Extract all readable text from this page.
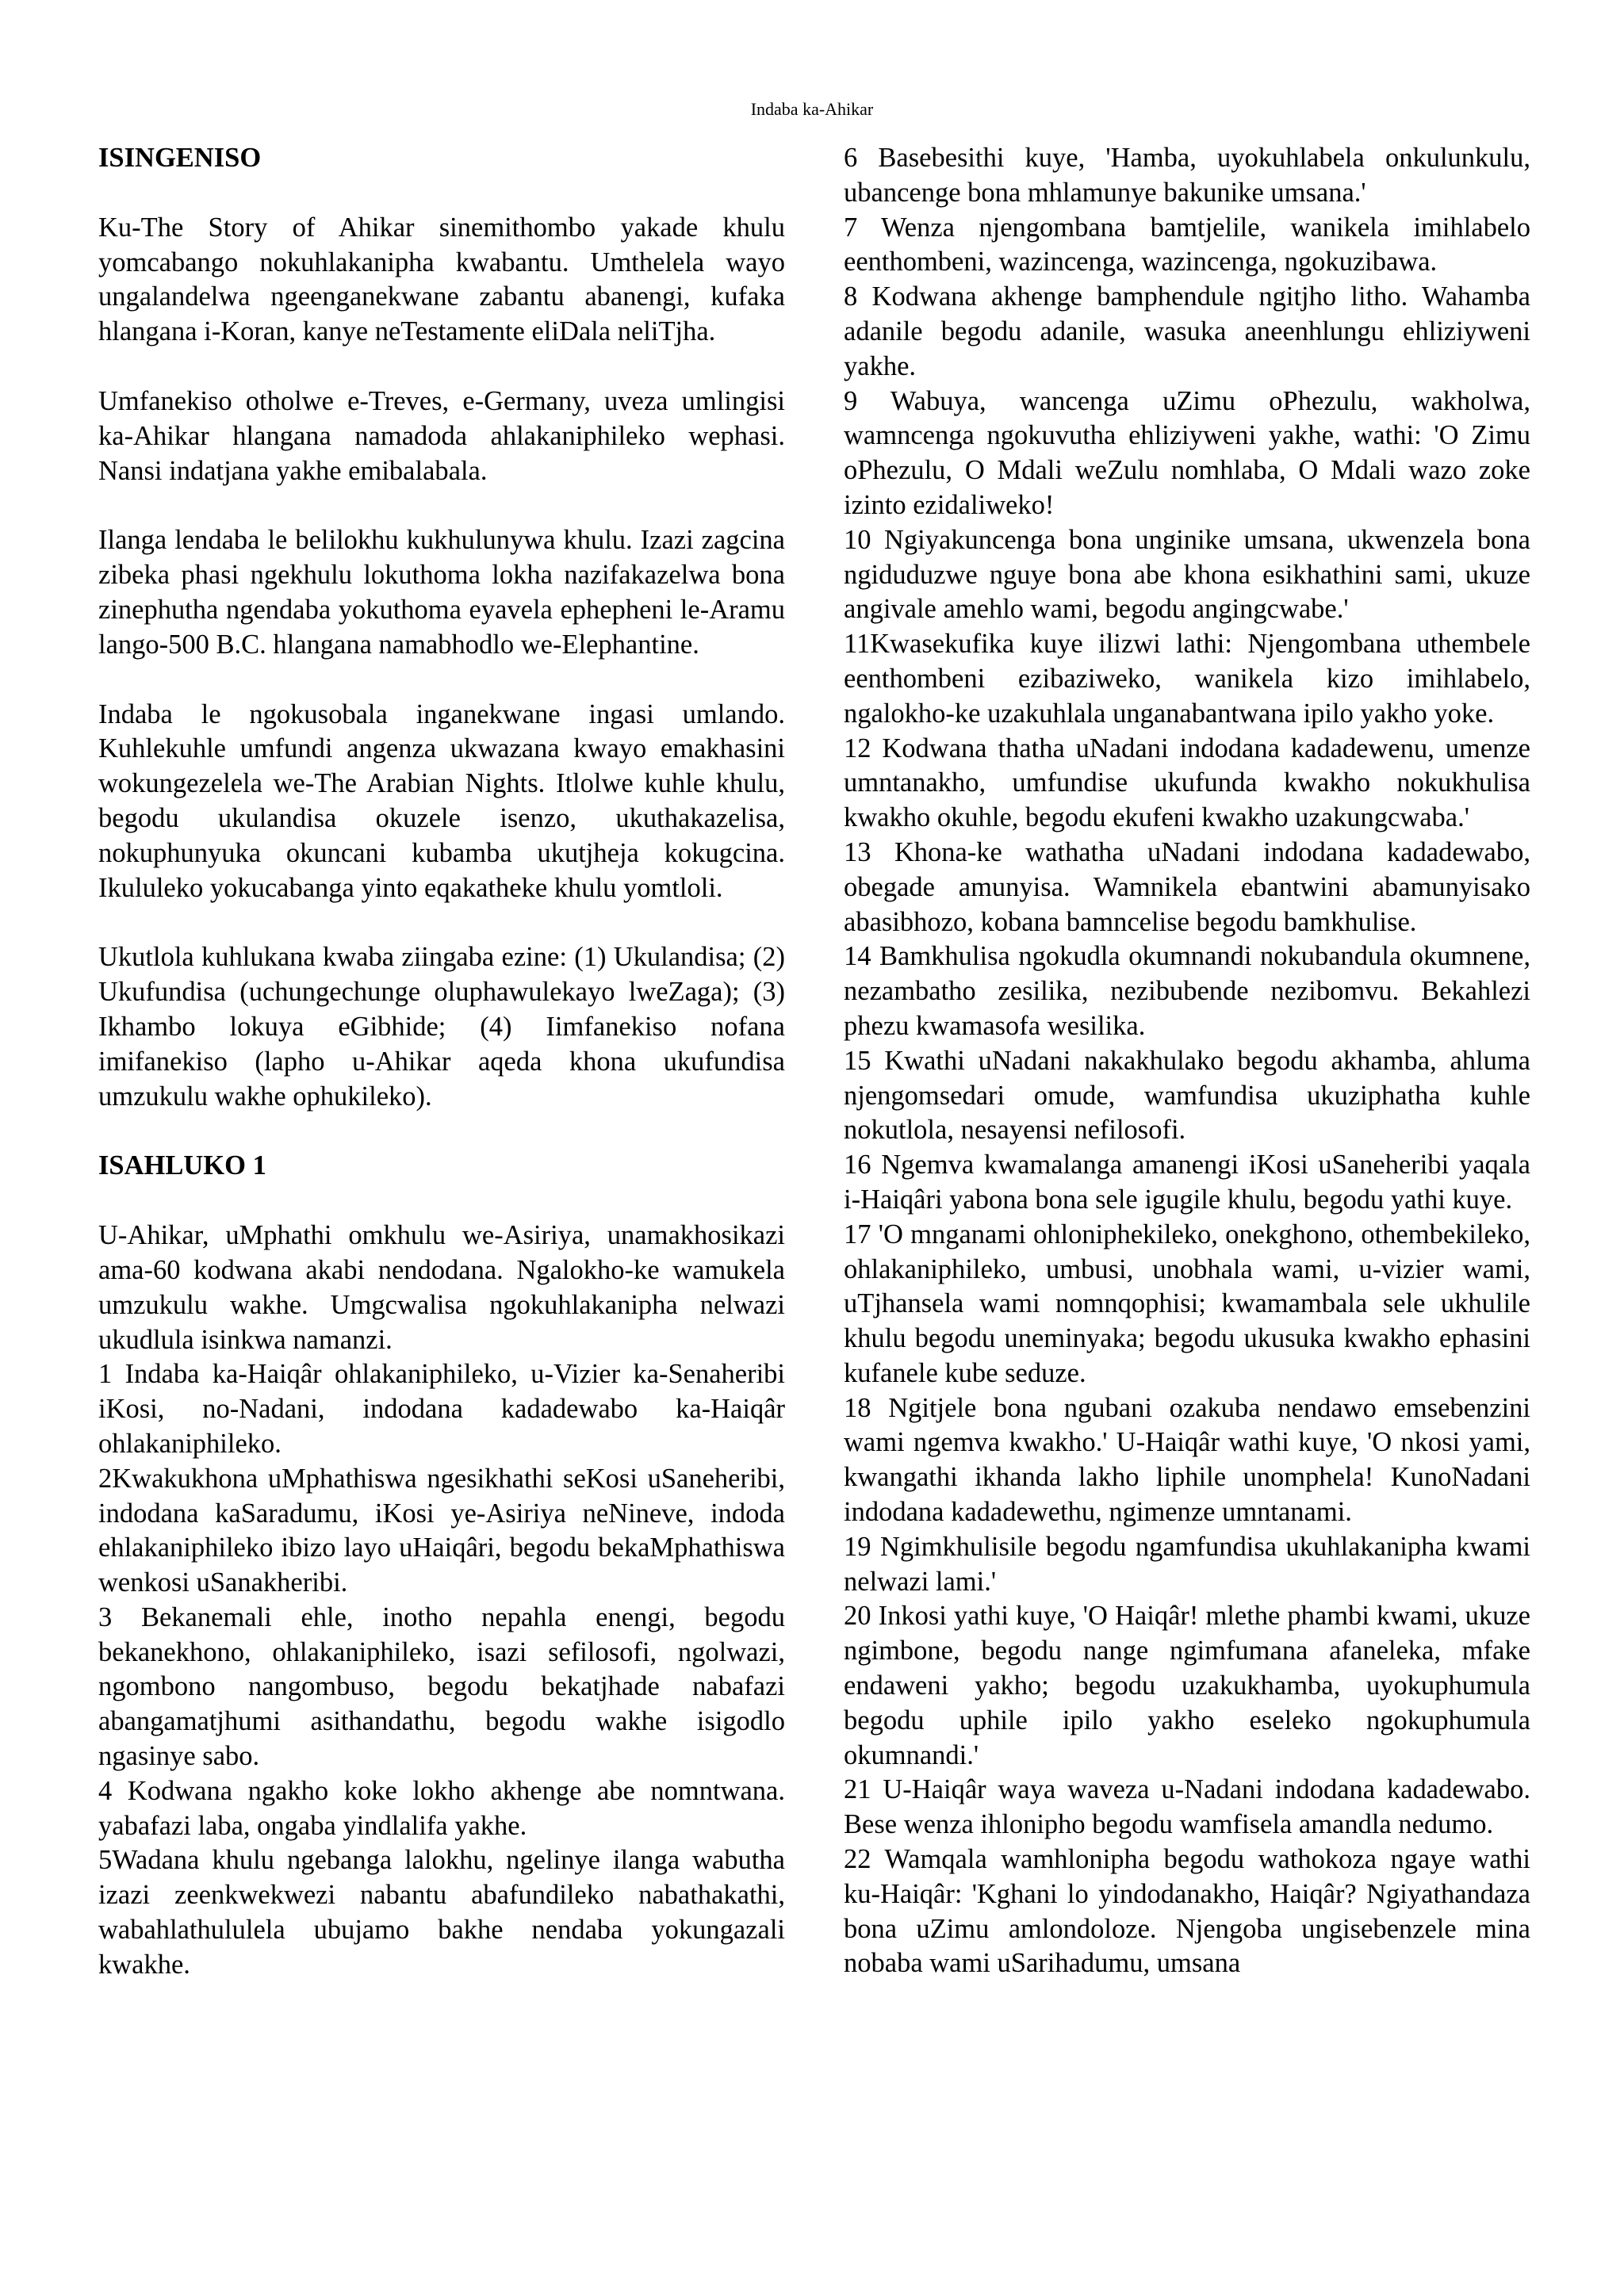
Indaba ka-Ahikar
ISINGENISO
Ku-The Story of Ahikar sinemithombo yakade khulu yomcabango nokuhlakanipha kwabantu. Umthelela wayo ungalandelwa ngeenganekwane zabantu abanengi, kufaka hlangana i-Koran, kanye neTestamente eliDala neliTjha.
Umfanekiso otholwe e-Treves, e-Germany, uveza umlingisi ka-Ahikar hlangana namadoda ahlakaniphileko wephasi. Nansi indatjana yakhe emibalabala.
Ilanga lendaba le belilokhu kukhulunywa khulu. Izazi zagcina zibeka phasi ngekhulu lokuthoma lokha nazifakazelwa bona zinephutha ngendaba yokuthoma eyavela ephepheni le-Aramu lango-500 B.C. hlangana namabhodlo we-Elephantine.
Indaba le ngokusobala inganekwane ingasi umlando. Kuhlekuhle umfundi angenza ukwazana kwayo emakhasini wokungezelela we-The Arabian Nights. Itlolwe kuhle khulu, begodu ukulandisa okuzele isenzo, ukuthakazelisa, nokuphunyuka okuncani kubamba ukutjheja kokugcina. Ikululeko yokucabanga yinto eqakatheke khulu yomtloli.
Ukutlola kuhlukana kwaba ziingaba ezine: (1) Ukulandisa; (2) Ukufundisa (uchungechunge oluphawulekayo lweZaga); (3) Ikhambo lokuya eGibhide; (4) Iimfanekiso nofana imifanekiso (lapho u-Ahikar aqeda khona ukufundisa umzukulu wakhe ophukileko).
ISAHLUKO 1
U-Ahikar, uMphathi omkhulu we-Asiriya, unamakhosikazi ama-60 kodwana akabi nendodana. Ngalokho-ke wamukela umzukulu wakhe. Umgcwalisa ngokuhlakanipha nelwazi ukudlula isinkwa namanzi.
1 Indaba ka-Haiqâr ohlakaniphileko, u-Vizier ka-Senaheribi iKosi, no-Nadani, indodana kadadewabo ka-Haiqâr ohlakaniphileko.
2Kwakukhona uMphathiswa ngesikhathi seKosi uSaneheribi, indodana kaSaradumu, iKosi ye-Asiriya neNineve, indoda ehlakaniphileko ibizo layo uHaiqâri, begodu bekaMphathiswa wenkosi uSanakheribi.
3 Bekanemali ehle, inotho nepahla enengi, begodu bekanekhono, ohlakaniphileko, isazi sefilosofi, ngolwazi, ngombono nangombuso, begodu bekatjhade nabafazi abangamatjhumi asithandathu, begodu wakhe isigodlo ngasinye sabo.
4 Kodwana ngakho koke lokho akhenge abe nomntwana. yabafazi laba, ongaba yindlalifa yakhe.
5Wadana khulu ngebanga lalokhu, ngelinye ilanga wabutha izazi zeenkwekwezi nabantu abafundileko nabathakathi, wabahlathululela ubujamo bakhe nendaba yokungazali kwakhe.
6 Basebesithi kuye, 'Hamba, uyokuhlabela onkulunkulu, ubancenge bona mhlamunye bakunike umsana.'
7 Wenza njengombana bamtjelile, wanikela imihlabelo eenthombeni, wazincenga, wazincenga, ngokuzibawa.
8 Kodwana akhenge bamphendule ngitjho litho. Wahamba adanile begodu adanile, wasuka aneenhlungu ehliziyweni yakhe.
9 Wabuya, wancenga uZimu oPhezulu, wakholwa, wamncenga ngokuvutha ehliziyweni yakhe, wathi: 'O Zimu oPhezulu, O Mdali weZulu nomhlaba, O Mdali wazo zoke izinto ezidaliweko!
10 Ngiyakuncenga bona unginike umsana, ukwenzela bona ngiduduzwe nguye bona abe khona esikhathini sami, ukuze angivale amehlo wami, begodu angingcwabe.'
11Kwasekufika kuye ilizwi lathi: Njengombana uthembele eenthombeni ezibaziweko, wanikela kizo imihlabelo, ngalokho-ke uzakuhlala unganabantwana ipilo yakho yoke.
12 Kodwana thatha uNadani indodana kadadewenu, umenze umntanakho, umfundise ukufunda kwakho nokukhulisa kwakho okuhle, begodu ekufeni kwakho uzakungcwaba.'
13 Khona-ke wathatha uNadani indodana kadadewabo, obegade amunyisa. Wamnikela ebantwini abamunyisako abasibhozo, kobana bamncelise begodu bamkhulise.
14 Bamkhulisa ngokudla okumnandi nokubandula okumnene, nezambatho zesilika, nezibubende nezibomvu. Bekahlezi phezu kwamasofa wesilika.
15 Kwathi uNadani nakakhulako begodu akhamba, ahluma njengomsedari omude, wamfundisa ukuziphatha kuhle nokutlola, nesayensi nefilosofi.
16 Ngemva kwamalanga amanengi iKosi uSaneheribi yaqala i-Haiqâri yabona bona sele igugile khulu, begodu yathi kuye.
17 'O mnganami ohloniphekileko, onekghono, othembekileko, ohlakaniphileko, umbusi, unobhala wami, u-vizier wami, uTjhansela wami nomnqophisi; kwamambala sele ukhulile khulu begodu uneminyaka; begodu ukusuka kwakho ephasini kufanele kube seduze.
18 Ngitjele bona ngubani ozakuba nendawo emsebenzini wami ngemva kwakho.' U-Haiqâr wathi kuye, 'O nkosi yami, kwangathi ikhanda lakho liphile unomphela! KunoNadani indodana kadadewethu, ngimenze umntanami.
19 Ngimkhulisile begodu ngamfundisa ukuhlakanipha kwami nelwazi lami.'
20 Inkosi yathi kuye, 'O Haiqâr! mlethe phambi kwami, ukuze ngimbone, begodu nange ngimfumana afaneleka, mfake endaweni yakho; begodu uzakukhamba, uyokuphumula begodu uphile ipilo yakho eseleko ngokuphumula okumnandi.'
21 U-Haiqâr waya waveza u-Nadani indodana kadadewabo. Bese wenza ihlonipho begodu wamfisela amandla nedumo.
22 Wamqala wamhlonipha begodu wathokoza ngaye wathi ku-Haiqâr: 'Kghani lo yindodanakho, Haiqâr? Ngiyathandaza bona uZimu amlondoloze. Njengoba ungisebenzele mina nobaba wami uSarihadumu, umsana
